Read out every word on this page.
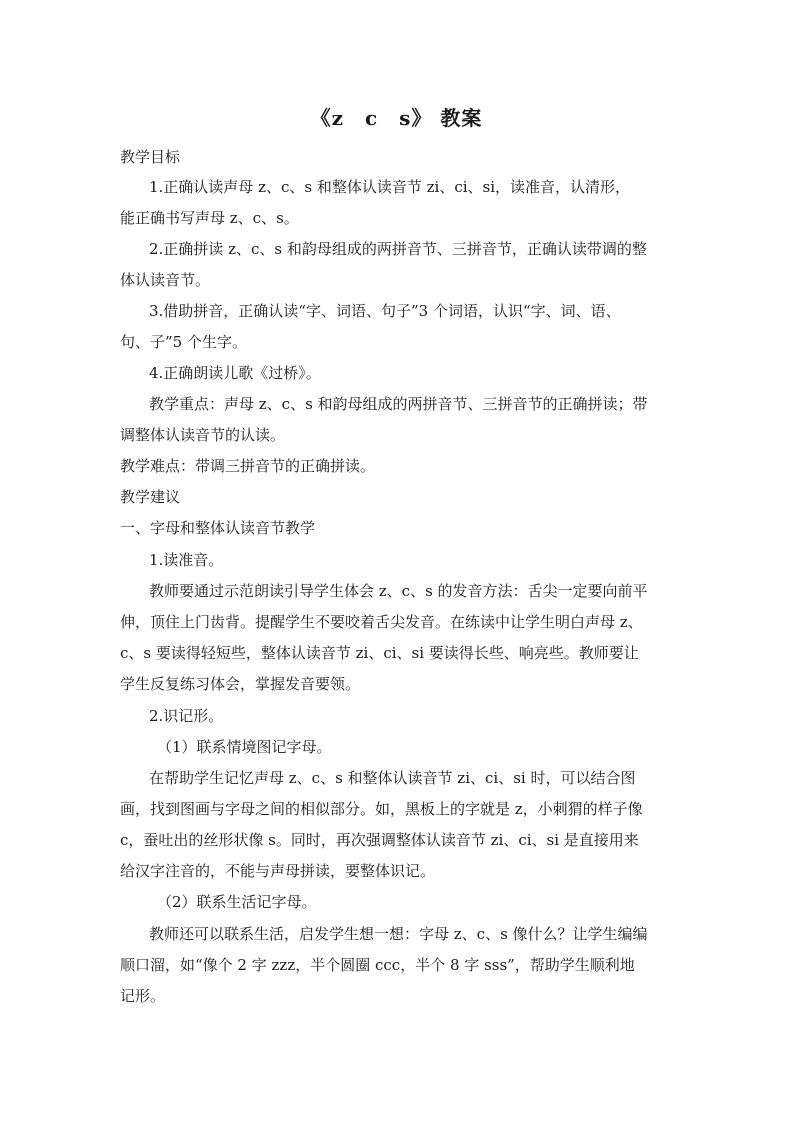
《z　c　s》 教案
教学目标
1.正确认读声母 z、c、s 和整体认读音节 zi、ci、si，读准音，认清形，
能正确书写声母 z、c、s。
2.正确拼读 z、c、s 和韵母组成的两拼音节、三拼音节，正确认读带调的整
体认读音节。
3.借助拼音，正确认读“字、词语、句子”3 个词语，认识“字、词、语、
句、子”5 个生字。
4.正确朗读儿歌《过桥》。
教学重点：声母 z、c、s 和韵母组成的两拼音节、三拼音节的正确拼读；带
调整体认读音节的认读。
教学难点：带调三拼音节的正确拼读。
教学建议
一、字母和整体认读音节教学
1.读准音。
教师要通过示范朗读引导学生体会 z、c、s 的发音方法：舌尖一定要向前平
伸，顶住上门齿背。提醒学生不要咬着舌尖发音。在练读中让学生明白声母 z、
c、s 要读得轻短些，整体认读音节 zi、ci、si 要读得长些、响亮些。教师要让
学生反复练习体会，掌握发音要领。
2.识记形。
（1）联系情境图记字母。
在帮助学生记忆声母 z、c、s 和整体认读音节 zi、ci、si 时，可以结合图
画，找到图画与字母之间的相似部分。如，黑板上的字就是 z，小刺猬的样子像
c，蚕吐出的丝形状像 s。同时，再次强调整体认读音节 zi、ci、si 是直接用来
给汉字注音的，不能与声母拼读，要整体识记。
（2）联系生活记字母。
教师还可以联系生活，启发学生想一想：字母 z、c、s 像什么？让学生编编
顺口溜，如“像个 2 字 zzz，半个圆圈 ccc，半个 8 字 sss”，帮助学生顺利地
记形。
